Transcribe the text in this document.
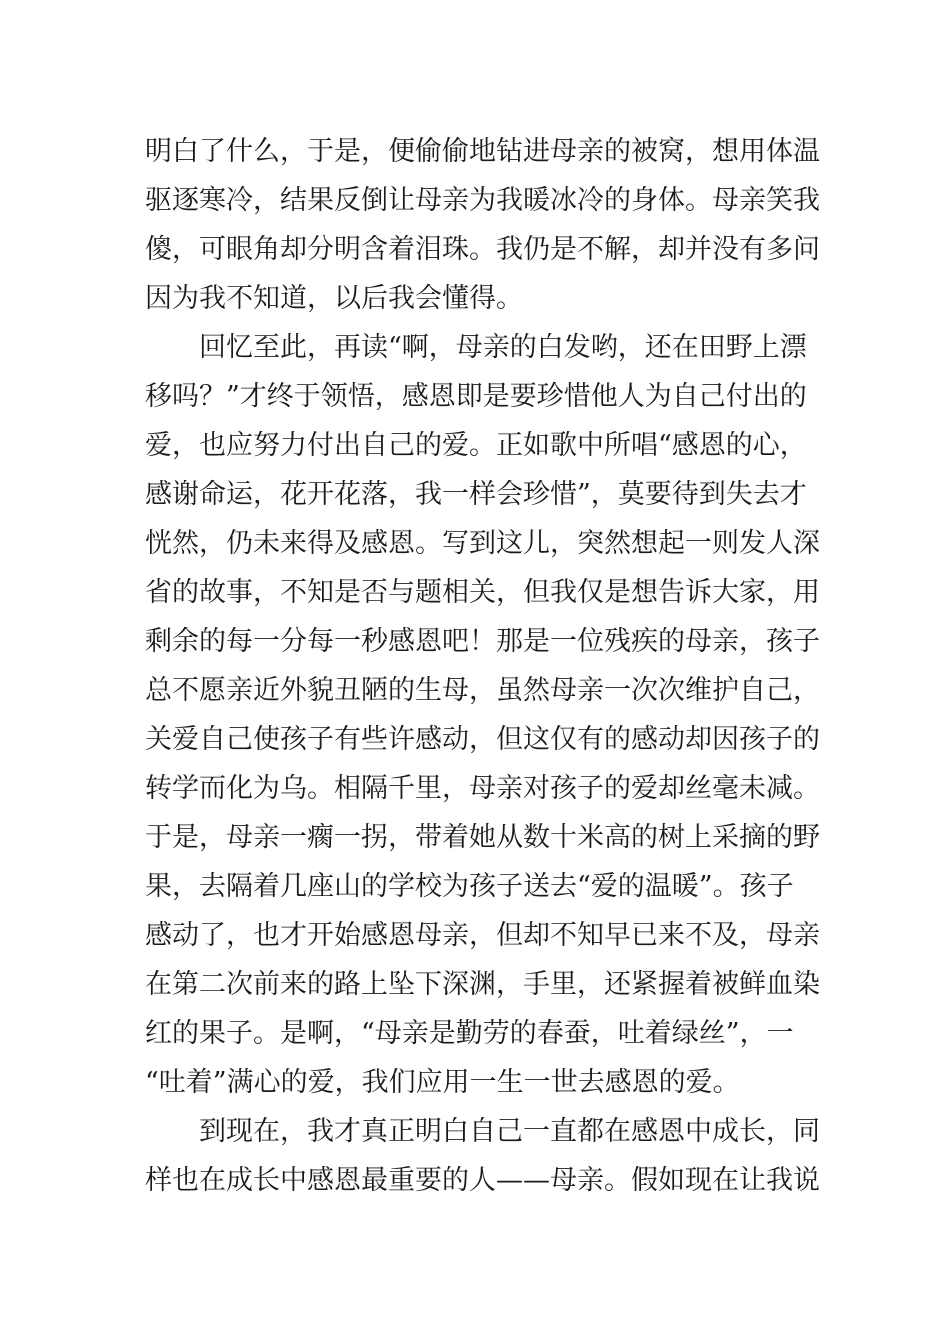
明白了什么，于是，便偷偷地钻进母亲的被窝，想用体温
驱逐寒冷，结果反倒让母亲为我暖冰冷的身体。母亲笑我
傻，可眼角却分明含着泪珠。我仍是不解，却并没有多问
因为我不知道，以后我会懂得。
　　回忆至此，再读“啊，母亲的白发哟，还在田野上漂
移吗？”才终于领悟，感恩即是要珍惜他人为自己付出的
爱，也应努力付出自己的爱。正如歌中所唱“感恩的心，
感谢命运，花开花落，我一样会珍惜”，莫要待到失去才
恍然，仍未来得及感恩。写到这儿，突然想起一则发人深
省的故事，不知是否与题相关，但我仅是想告诉大家，用
剩余的每一分每一秒感恩吧！那是一位残疾的母亲，孩子
总不愿亲近外貌丑陋的生母，虽然母亲一次次维护自己，
关爱自己使孩子有些许感动，但这仅有的感动却因孩子的
转学而化为乌。相隔千里，母亲对孩子的爱却丝毫未减。
于是，母亲一瘸一拐，带着她从数十米高的树上采摘的野
果，去隔着几座山的学校为孩子送去“爱的温暖”。孩子
感动了，也才开始感恩母亲，但却不知早已来不及，母亲
在第二次前来的路上坠下深渊，手里，还紧握着被鲜血染
红的果子。是啊，“母亲是勤劳的春蚕，吐着绿丝”，一
“吐着”满心的爱，我们应用一生一世去感恩的爱。
　　到现在，我才真正明白自己一直都在感恩中成长，同
样也在成长中感恩最重要的人——母亲。假如现在让我说
